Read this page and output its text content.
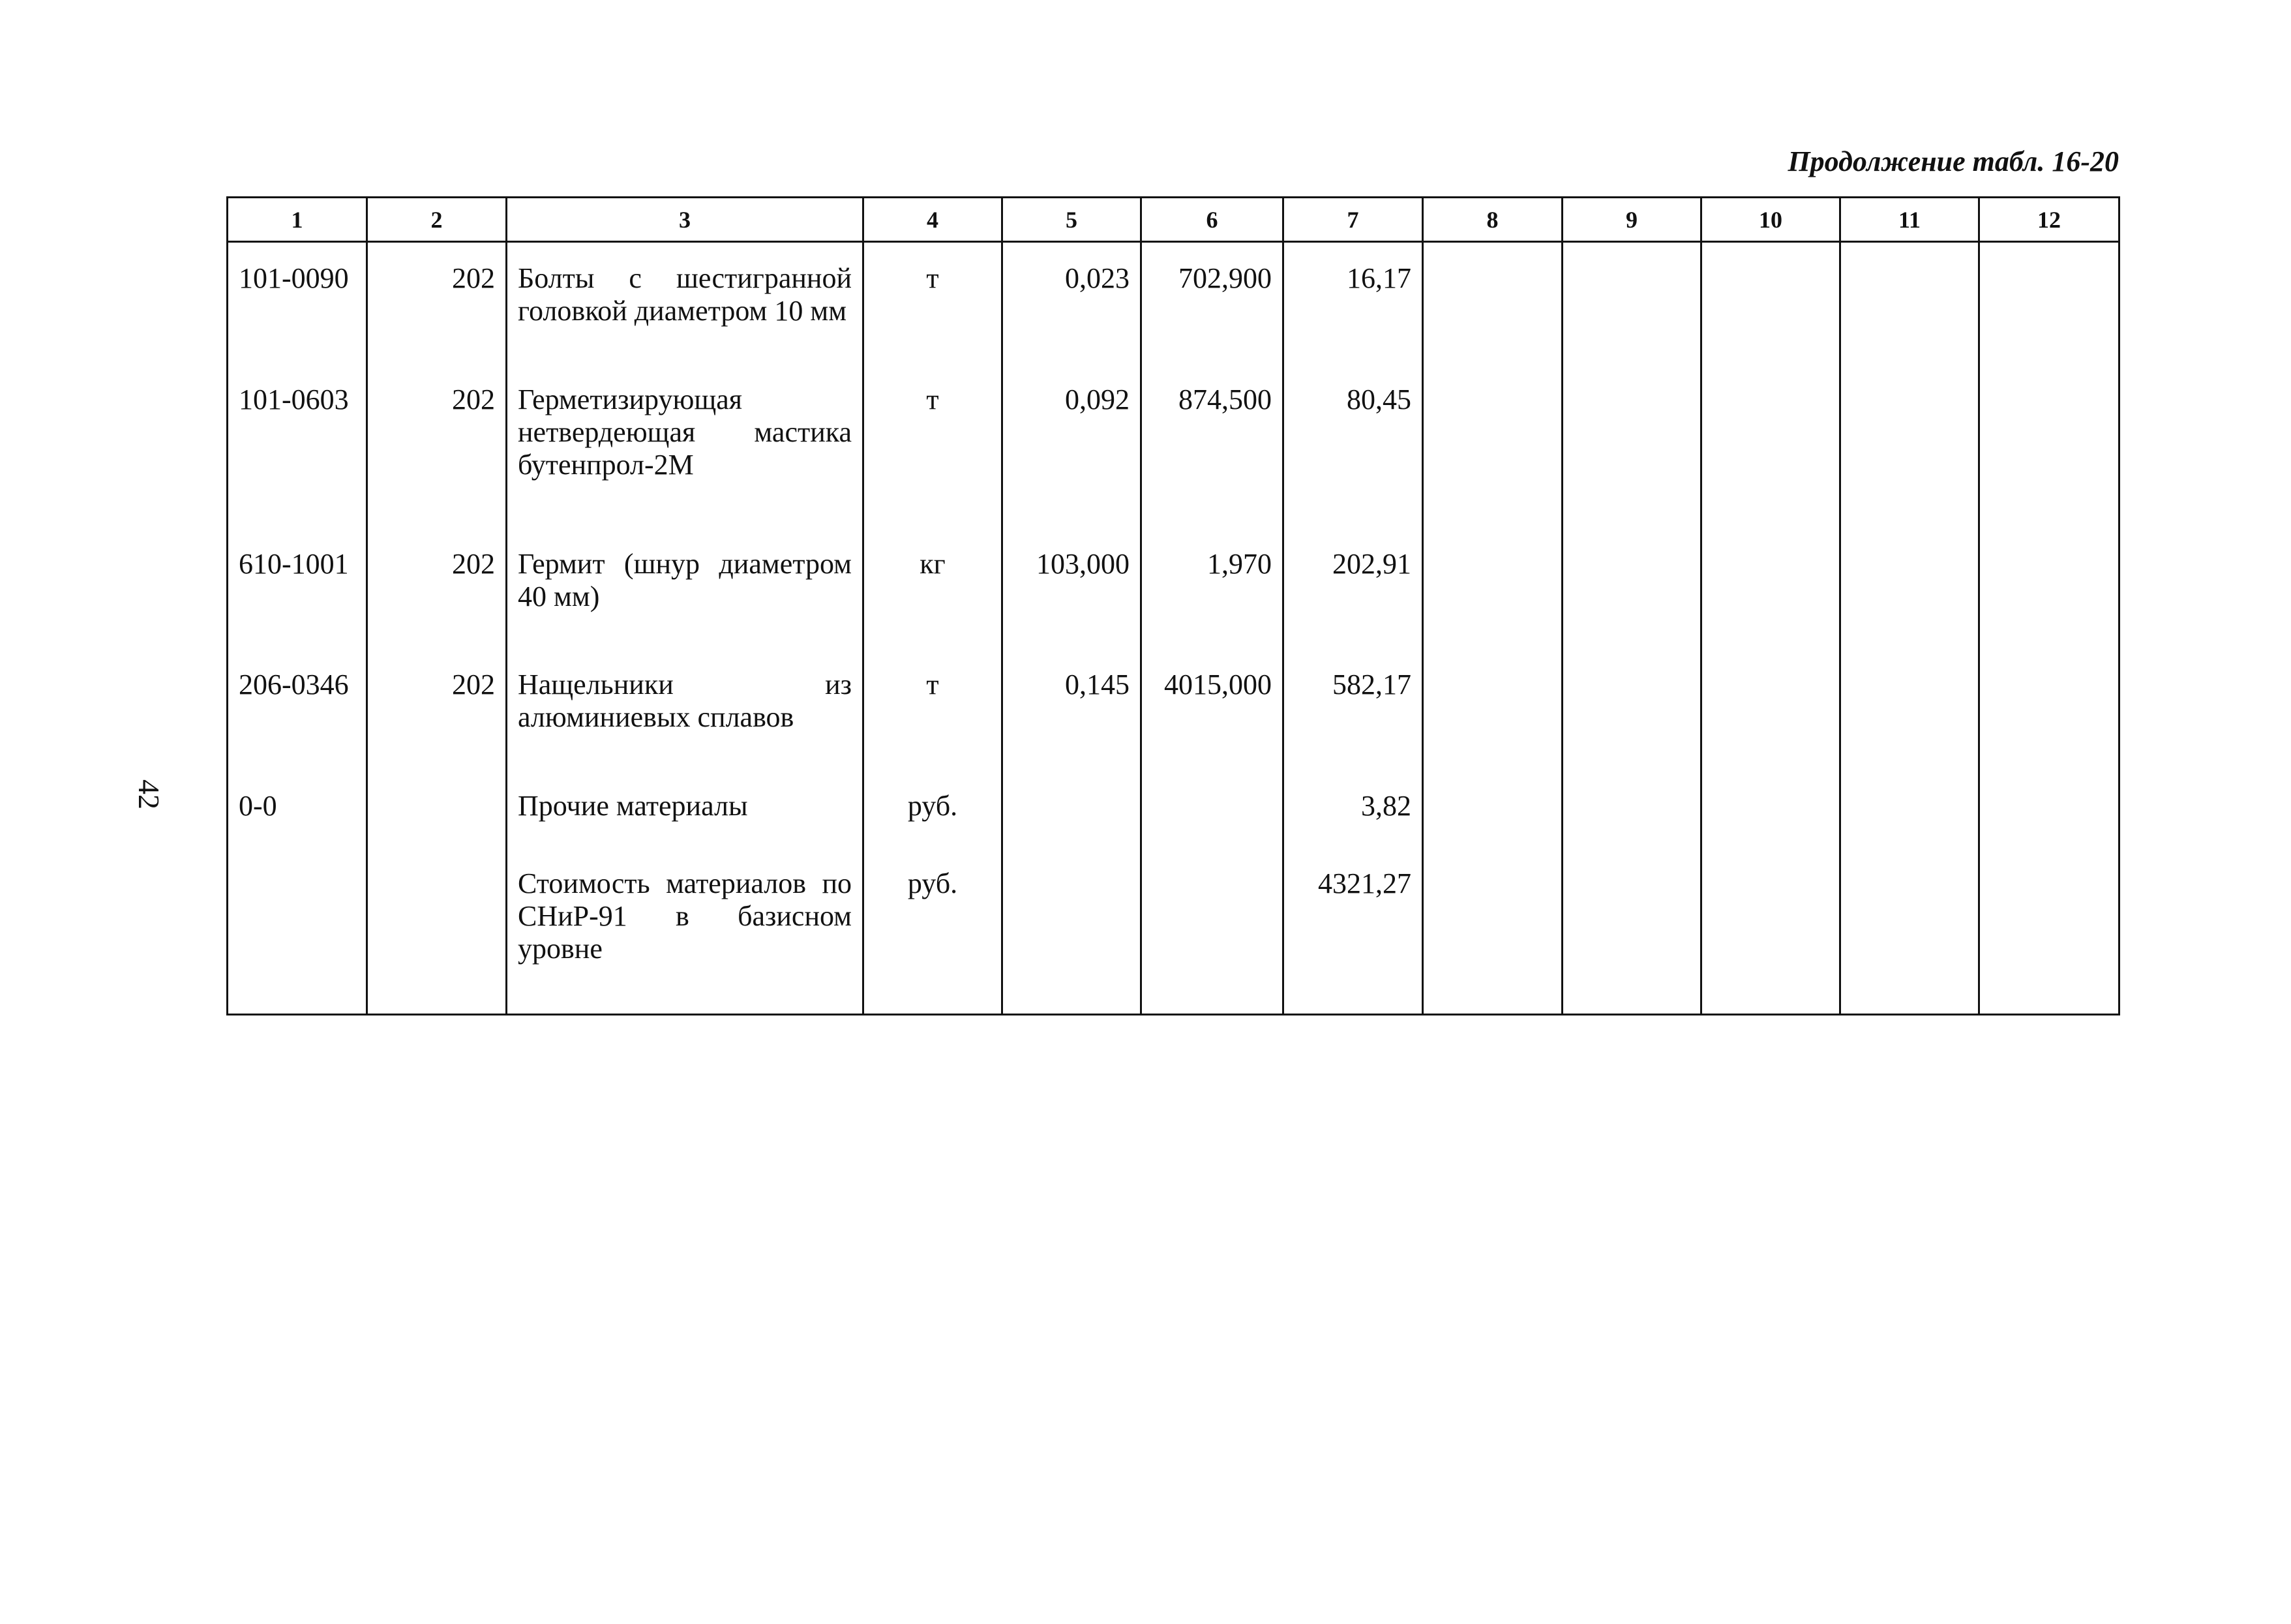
Продолжение табл. 16-20
42
1	2	3	4	5	6	7	8	9	10	11	12
101-0090	202	Болты с шестигранной головкой диаметром 10 мм	т	0,023	702,900	16,17					
101-0603	202	Герметизирующая нетвердеющая мастика бутенпрол-2М	т	0,092	874,500	80,45					
610-1001	202	Гермит (шнур диаметром 40 мм)	кг	103,000	1,970	202,91					
206-0346	202	Нащельники из алюминиевых сплавов	т	0,145	4015,000	582,17					
0-0		Прочие материалы	руб.			3,82					
		Стоимость материалов по СНиР-91 в базисном уровне	руб.			4321,27					
